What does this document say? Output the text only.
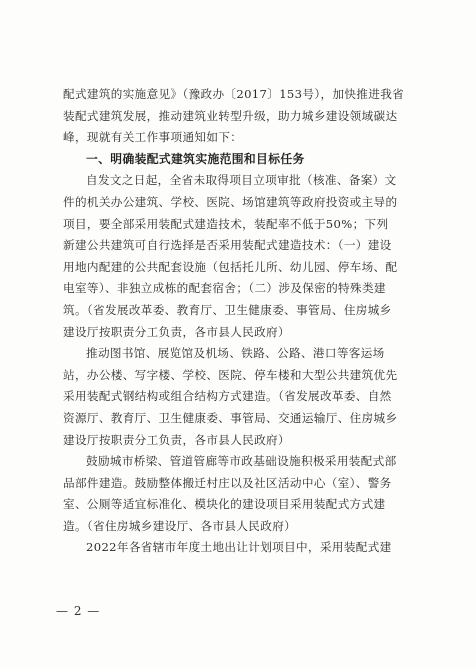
配式建筑的实施意见》（豫政办〔2017〕153号），加快推进我省
装配式建筑发展，推动建筑业转型升级，助力城乡建设领域碳达
峰，现就有关工作事项通知如下：
一、明确装配式建筑实施范围和目标任务
自发文之日起，全省未取得项目立项审批（核准、备案）文
件的机关办公建筑、学校、医院、场馆建筑等政府投资或主导的
项目，要全部采用装配式建造技术，装配率不低于50%；下列
新建公共建筑可自行选择是否采用装配式建造技术：（一）建设
用地内配建的公共配套设施（包括托儿所、幼儿园、停车场、配
电室等）、非独立成栋的配套宿舍；（二）涉及保密的特殊类建
筑。（省发展改革委、教育厅、卫生健康委、事管局、住房城乡
建设厅按职责分工负责，各市县人民政府）
推动图书馆、展览馆及机场、铁路、公路、港口等客运场
站，办公楼、写字楼、学校、医院、停车楼和大型公共建筑优先
采用装配式钢结构或组合结构方式建造。（省发展改革委、自然
资源厅、教育厅、卫生健康委、事管局、交通运输厅、住房城乡
建设厅按职责分工负责，各市县人民政府）
鼓励城市桥梁、管道管廊等市政基础设施积极采用装配式部
品部件建造。鼓励整体搬迁村庄以及社区活动中心（室）、警务
室、公厕等适宜标准化、模块化的建设项目采用装配式方式建
造。（省住房城乡建设厅、各市县人民政府）
2022年各省辖市年度土地出让计划项目中，采用装配式建
— 2 —
